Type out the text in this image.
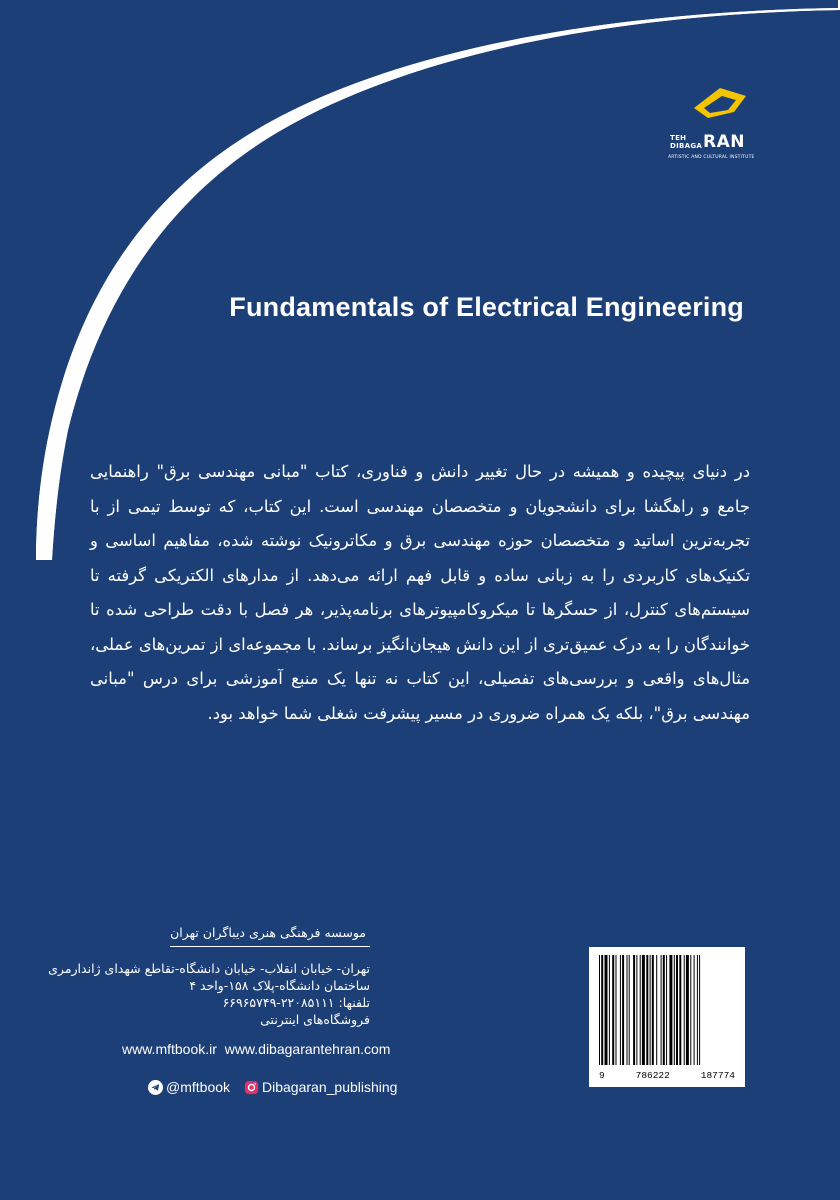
TEH
DIBAGA RAN
ARTISTIC AND CULTURAL INSTITUTE
Fundamentals of Electrical Engineering
در دنیای پیچیده و همیشه در حال تغییر دانش و فناوری، کتاب "مبانی مهندسی برق" راهنمایی جامع و راهگشا برای دانشجویان و متخصصان مهندسی است. این کتاب، که توسط تیمی از با تجربه‌ترین اساتید و متخصصان حوزه مهندسی برق و مکاترونیک نوشته شده، مفاهیم اساسی و تکنیک‌های کاربردی را به زبانی ساده و قابل فهم ارائه می‌دهد. از مدارهای الکتریکی گرفته تا سیستم‌های کنترل، از حسگرها تا میکروکامپیوترهای برنامه‌پذیر، هر فصل با دقت طراحی شده تا خوانندگان را به درک عمیق‌تری از این دانش هیجان‌انگیز برساند. با مجموعه‌ای از تمرین‌های عملی، مثال‌های واقعی و بررسی‌های تفصیلی، این کتاب نه تنها یک منبع آموزشی برای درس "مبانی مهندسی برق"، بلکه یک همراه ضروری در مسیر پیشرفت شغلی شما خواهد بود.
موسسه فرهنگی هنری دیباگران تهران
تهران- خیابان انقلاب- خیابان دانشگاه-تقاطع شهدای ژاندارمری
ساختمان دانشگاه-پلاک ۱۵۸-واحد ۴
تلفنها: ۲۲۰۸۵۱۱۱-۶۶۹۶۵۷۴۹
فروشگاه‌های اینترنتی
www.mftbook.ir www.dibagarantehran.com
@mftbook Dibagaran_publishing
9	786222	187774
